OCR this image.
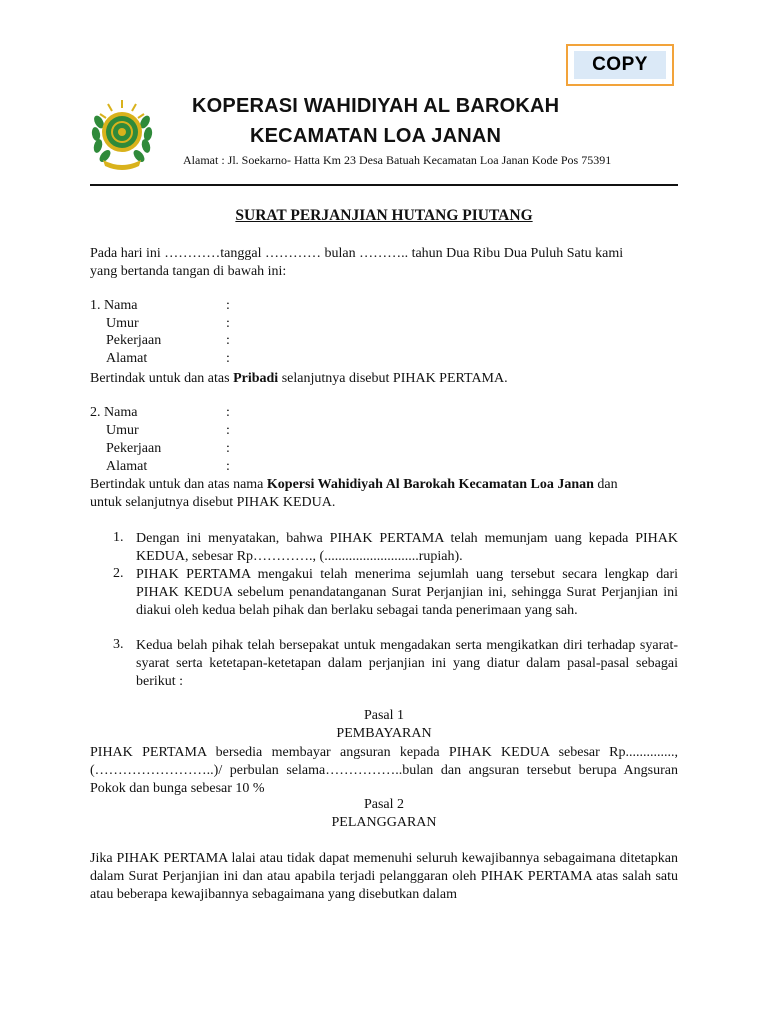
COPY
KOPERASI WAHIDIYAH AL BAROKAH
KECAMATAN LOA JANAN
Alamat : Jl. Soekarno- Hatta Km 23 Desa Batuah Kecamatan Loa Janan Kode Pos 75391
SURAT PERJANJIAN HUTANG PIUTANG
Pada hari ini …………tanggal ………… bulan ……….. tahun Dua Ribu Dua Puluh Satu kami
yang bertanda tangan di bawah ini:
1. Nama	:
Umur	:
Pekerjaan	:
Alamat	:
Bertindak untuk dan atas Pribadi selanjutnya disebut PIHAK PERTAMA.
2. Nama	:
Umur	:
Pekerjaan	:
Alamat	:
Bertindak untuk dan atas nama Kopersi Wahidiyah Al Barokah Kecamatan Loa Janan dan
untuk selanjutnya disebut PIHAK KEDUA.
1. Dengan ini menyatakan, bahwa PIHAK PERTAMA telah memunjam uang kepada PIHAK KEDUA, sebesar Rp…………., (...........................rupiah).
2. PIHAK PERTAMA mengakui telah menerima sejumlah uang tersebut secara lengkap dari PIHAK KEDUA sebelum penandatanganan Surat Perjanjian ini, sehingga Surat Perjanjian ini diakui oleh kedua belah pihak dan berlaku sebagai tanda penerimaan yang sah.
3. Kedua belah pihak telah bersepakat untuk mengadakan serta mengikatkan diri terhadap syarat-syarat serta ketetapan-ketetapan dalam perjanjian ini yang diatur dalam pasal-pasal sebagai berikut :
Pasal 1
PEMBAYARAN
PIHAK PERTAMA bersedia membayar angsuran kepada PIHAK KEDUA sebesar Rp.............., (……………………..)/ perbulan selama……………..bulan dan angsuran tersebut berupa Angsuran Pokok dan bunga sebesar 10 %
Pasal 2
PELANGGARAN
Jika PIHAK PERTAMA lalai atau tidak dapat memenuhi seluruh kewajibannya sebagaimana ditetapkan dalam Surat Perjanjian ini dan atau apabila terjadi pelanggaran oleh PIHAK PERTAMA atas salah satu atau beberapa kewajibannya sebagaimana yang disebutkan dalam
